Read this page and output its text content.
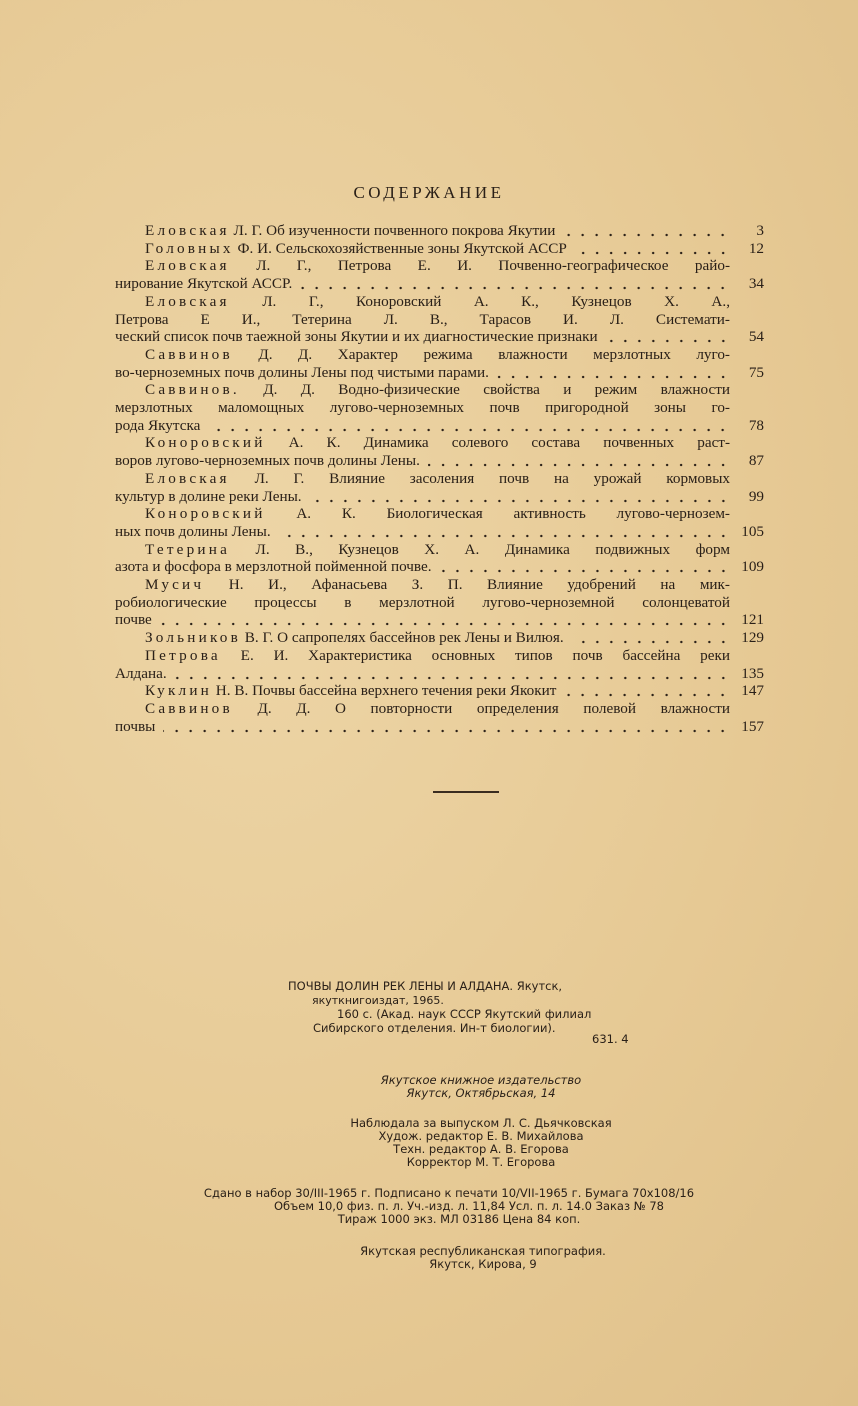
СОДЕРЖАНИЕ
3
Еловская Л. Г. Об изученности почвенного покрова Якутии
12
Головных Ф. И. Сельскохозяйственные зоны Якутской АССР
Еловская Л. Г., Петрова Е. И. Почвенно-географическое райо-
34
нирование Якутской АССР.
Еловская Л. Г., Коноровский А. К., Кузнецов Х. А.,
Петрова Е И., Тетерина Л. В., Тарасов И. Л. Системати-
54
ческий список почв таежной зоны Якутии и их диагностические признаки
Саввинов Д. Д. Характер режима влажности мерзлотных луго-
75
во-черноземных почв долины Лены под чистыми парами.
Саввинов. Д. Д. Водно-физические свойства и режим влажности
мерзлотных маломощных лугово-черноземных почв пригородной зоны го-
78
рода Якутска
Коноровский А. К. Динамика солевого состава почвенных раст-
87
воров лугово-черноземных почв долины Лены.
Еловская Л. Г. Влияние засоления почв на урожай кормовых
99
культур в долине реки Лены.
Коноровский А. К. Биологическая активность лугово-чернозем-
105
ных почв долины Лены.
Тетерина Л. В., Кузнецов Х. А. Динамика подвижных форм
109
азота и фосфора в мерзлотной пойменной почве.
Мусич Н. И., Афанасьева З. П. Влияние удобрений на мик-
робиологические процессы в мерзлотной лугово-черноземной солонцеватой
121
почве
129
Зольников В. Г. О сапропелях бассейнов рек Лены и Вилюя.
Петрова Е. И. Характеристика основных типов почв бассейна реки
135
Алдана.
147
Куклин Н. В. Почвы бассейна верхнего течения реки Якокит
Саввинов Д. Д. О повторности определения полевой влажности
157
почвы
ПОЧВЫ ДОЛИН РЕК ЛЕНЫ И АЛДАНА. Якутск,
якуткнигоиздат, 1965.
160 с. (Акад. наук СССР Якутский филиал
Сибирского отделения. Ин-т биологии).
631. 4
Якутское книжное издательство
Якутск, Октябрьская, 14
Наблюдала за выпуском Л. С. Дьячковская
Худож. редактор Е. В. Михайлова
Техн. редактор А. В. Егорова
Корректор М. Т. Егорова
Сдано в набор 30/III-1965 г. Подписано к печати 10/VII-1965 г. Бумага 70x108/16
Объем 10,0 физ. п. л. Уч.-изд. л. 11,84 Усл. п. л. 14.0 Заказ № 78
Тираж 1000 экз. МЛ 03186 Цена 84 коп.
Якутская республиканская типография.
Якутск, Кирова, 9
